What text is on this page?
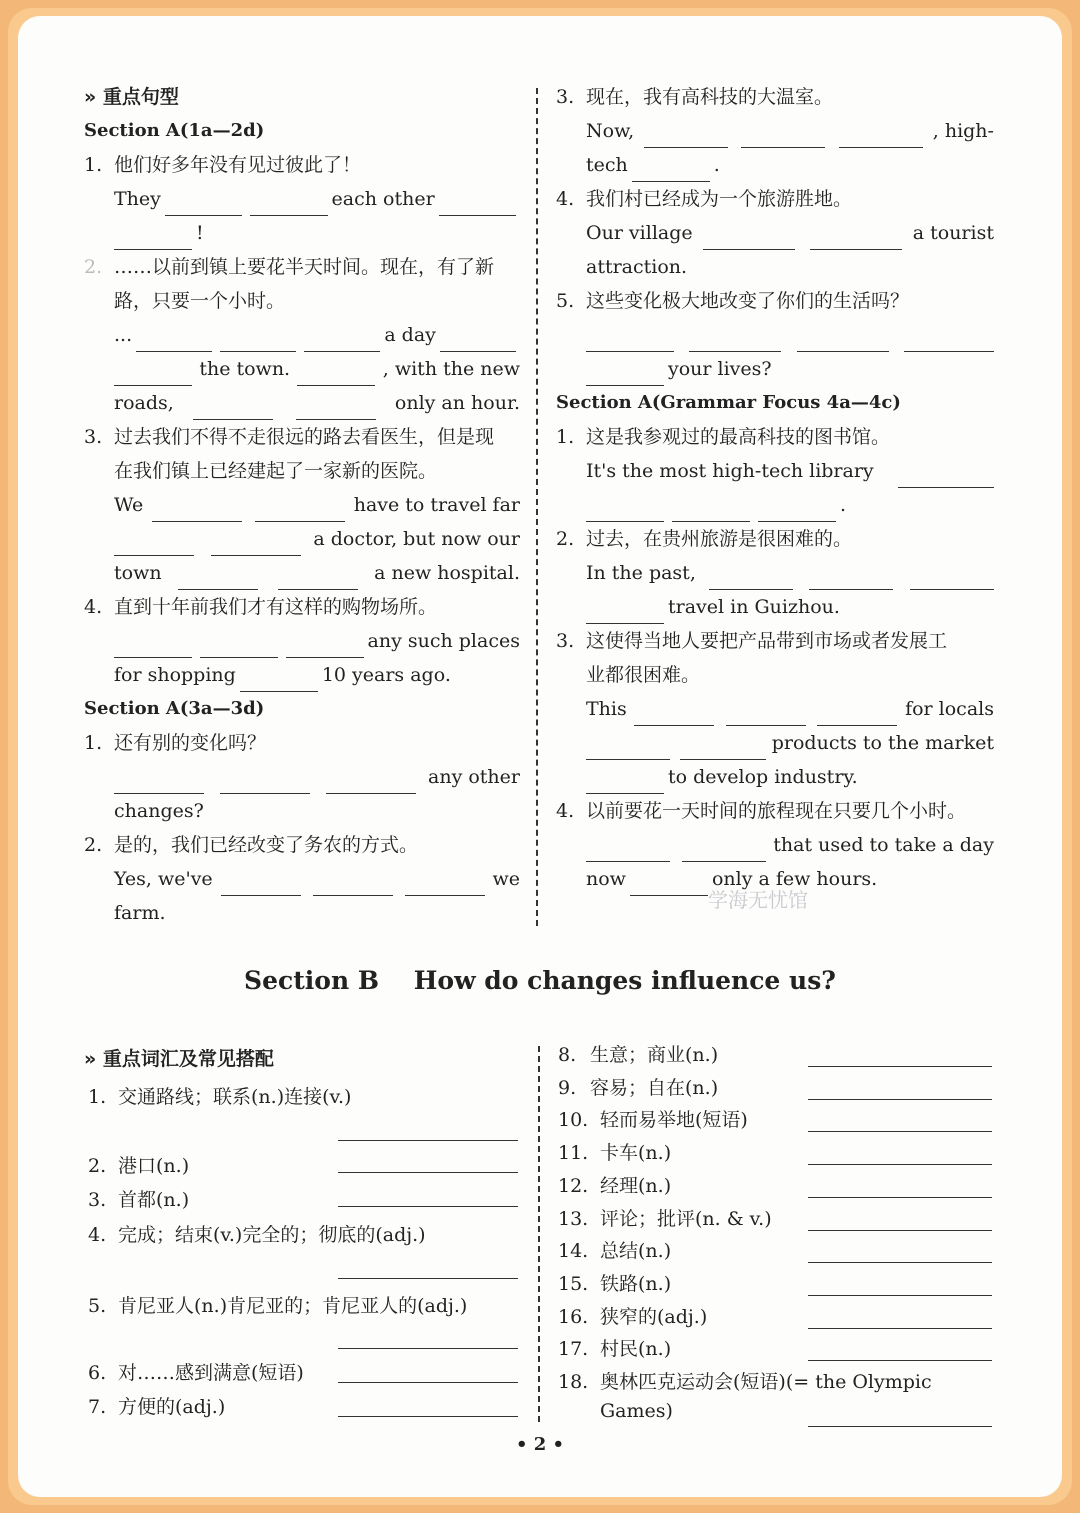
» 重点句型
Section A(1a—2d)
1. 他们好多年没有见过彼此了！
They	each other
!
2. ……以前到镇上要花半天时间。现在，有了新
路，只要一个小时。
...	a day
the town.	, with the new
roads,	only an hour.
3. 过去我们不得不走很远的路去看医生，但是现
在我们镇上已经建起了一家新的医院。
We	have to travel far
a doctor, but now our
town	a new hospital.
4. 直到十年前我们才有这样的购物场所。
any such places
for shopping	10 years ago.
Section A(3a—3d)
1. 还有别的变化吗？
any other
changes?
2. 是的，我们已经改变了务农的方式。
Yes, we've	we
farm.
3. 现在，我有高科技的大温室。
Now,	, high-
tech	.
4. 我们村已经成为一个旅游胜地。
Our village	a tourist
attraction.
5. 这些变化极大地改变了你们的生活吗？
your lives?
Section A(Grammar Focus 4a—4c)
1. 这是我参观过的最高科技的图书馆。
It's the most high-tech library
.
2. 过去，在贵州旅游是很困难的。
In the past,
travel in Guizhou.
3. 这使得当地人要把产品带到市场或者发展工
业都很困难。
This	for locals
products to the market
to develop industry.
4. 以前要花一天时间的旅程现在只要几个小时。
that used to take a day
now	only a few hours.
学海无忧馆
Section B    How do changes influence us?
» 重点词汇及常见搭配
• 2 •
1. 交通路线；联系(n.)连接(v.)
2. 港口(n.)
3. 首都(n.)
4. 完成；结束(v.)完全的；彻底的(adj.)
5. 肯尼亚人(n.)肯尼亚的；肯尼亚人的(adj.)
6. 对……感到满意(短语)
7. 方便的(adj.)
8. 生意；商业(n.)
9. 容易；自在(n.)
10. 轻而易举地(短语)
11. 卡车(n.)
12. 经理(n.)
13. 评论；批评(n. & v.)
14. 总结(n.)
15. 铁路(n.)
16. 狭窄的(adj.)
17. 村民(n.)
18. 奥林匹克运动会(短语)(= the Olympic
Games)
